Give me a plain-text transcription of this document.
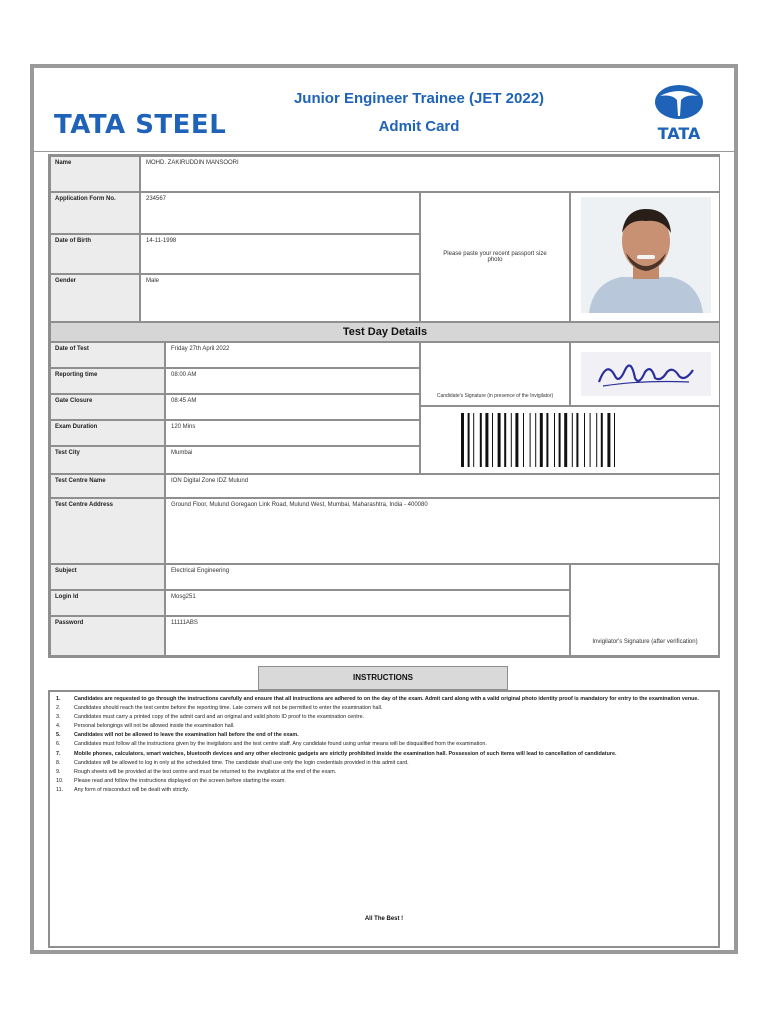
TATA STEEL
Junior Engineer Trainee (JET 2022)
Admit Card	TATA
Name	MOHD. ZAKIRUDDIN MANSOORI
Application Form No.	234567
Date of Birth	14-11-1998
Gender	Male
Please paste your recent passport size photo
Test Day Details
Date of Test	Friday 27th April 2022
Reporting time	08:00 AM
Gate Closure	08:45 AM
Exam Duration	120 Mins
Test City	Mumbai
Test Centre Name	ION Digital Zone IDZ Mulund
Test Centre Address	Ground Floor, Mulund Goregaon Link Road, Mulund West, Mumbai, Maharashtra, India - 400080
Candidate's Signature (in presence of the Invigilator)
Subject	Electrical Engineering
Login Id	Mosg251
Password	11111ABS
Invigilator's Signature (after verification)
INSTRUCTIONS
1.	Candidates are requested to go through the instructions carefully and ensure that all instructions are adhered to on the day of the exam. Admit card along with a valid original photo identity proof is mandatory for entry to the examination venue.
2.	Candidates should reach the test centre before the reporting time. Late comers will not be permitted to enter the examination hall.
3.	Candidates must carry a printed copy of the admit card and an original and valid photo ID proof to the examination centre.
4.	Personal belongings will not be allowed inside the examination hall.
5.	Candidates will not be allowed to leave the examination hall before the end of the exam.
6.	Candidates must follow all the instructions given by the invigilators and the test centre staff. Any candidate found using unfair means will be disqualified from the examination.
7.	Mobile phones, calculators, smart watches, bluetooth devices and any other electronic gadgets are strictly prohibited inside the examination hall. Possession of such items will lead to cancellation of candidature.
8.	Candidates will be allowed to log in only at the scheduled time. The candidate shall use only the login credentials provided in this admit card.
9.	Rough sheets will be provided at the test centre and must be returned to the invigilator at the end of the exam.
10.	Please read and follow the instructions displayed on the screen before starting the exam.
11.	Any form of misconduct will be dealt with strictly.
All The Best !
